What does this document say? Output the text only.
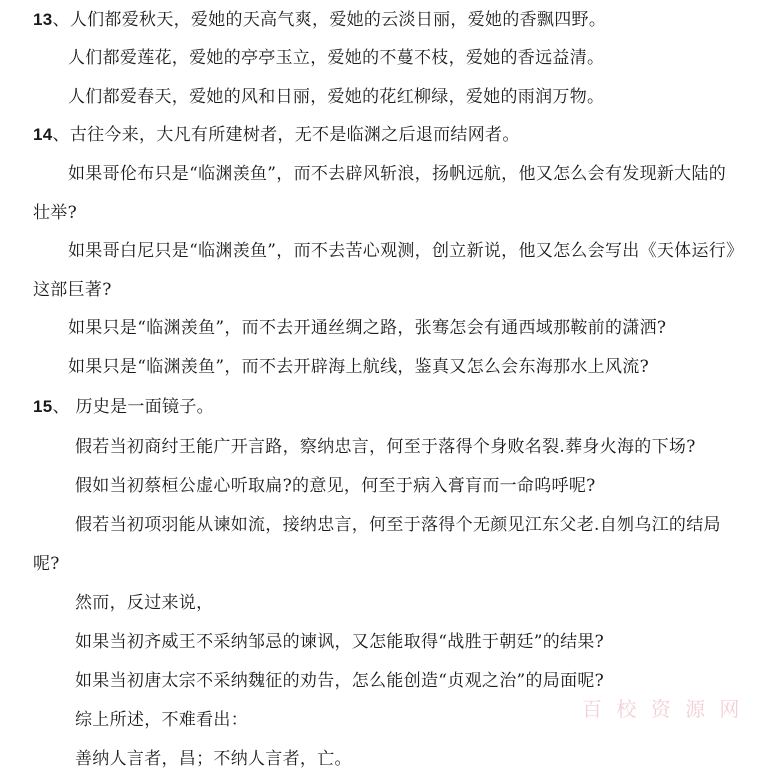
13、人们都爱秋天，爱她的天高气爽，爱她的云淡日丽，爱她的香飘四野。
人们都爱莲花，爱她的亭亭玉立，爱她的不蔓不枝，爱她的香远益清。
人们都爱春天，爱她的风和日丽，爱她的花红柳绿，爱她的雨润万物。
14、古往今来，大凡有所建树者，无不是临渊之后退而结网者。
如果哥伦布只是“临渊羡鱼”，而不去辟风斩浪，扬帆远航，他又怎么会有发现新大陆的
壮举?
如果哥白尼只是“临渊羡鱼”，而不去苦心观测，创立新说，他又怎么会写出《天体运行》
这部巨著?
如果只是“临渊羡鱼”，而不去开通丝绸之路，张骞怎会有通西域那鞍前的潇洒?
如果只是“临渊羡鱼”，而不去开辟海上航线，鉴真又怎么会东海那水上风流?
15、 历史是一面镜子。
假若当初商纣王能广开言路，察纳忠言，何至于落得个身败名裂.葬身火海的下场?
假如当初蔡桓公虚心听取扁?的意见，何至于病入膏肓而一命呜呼呢?
假若当初项羽能从谏如流，接纳忠言，何至于落得个无颜见江东父老.自刎乌江的结局
呢?
然而，反过来说，
如果当初齐威王不采纳邹忌的谏讽，又怎能取得“战胜于朝廷”的结果?
如果当初唐太宗不采纳魏征的劝告，怎么能创造“贞观之治”的局面呢?
综上所述，不难看出：
善纳人言者，昌；不纳人言者，亡。
百 校 资 源 网
